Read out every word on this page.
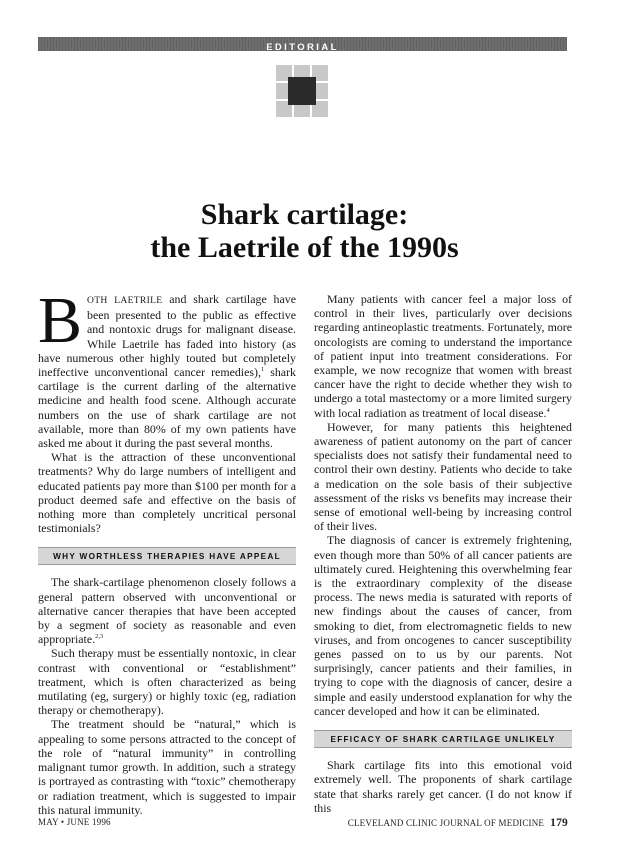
EDITORIAL
Shark cartilage:
the Laetrile of the 1990s

BOTH LAETRILE and shark cartilage have been presented to the public as effective and nontoxic drugs for malignant disease. While Laetrile has faded into history (as have numerous other highly touted but completely ineffective unconventional cancer remedies),$^1$ shark cartilage is the current darling of the alternative medicine and health food scene. Although accurate numbers on the use of shark cartilage are not available, more than 80% of my own patients have asked me about it during the past several months.

What is the attraction of these unconventional treatments? Why do large numbers of intelligent and educated patients pay more than $100 per month for a product deemed safe and effective on the basis of nothing more than completely uncritical personal testimonials?

WHY WORTHLESS THERAPIES HAVE APPEAL

The shark-cartilage phenomenon closely follows a general pattern observed with unconventional or alternative cancer therapies that have been accepted by a segment of society as reasonable and even appropriate.$^{2,3}$

Such therapy must be essentially nontoxic, in clear contrast with conventional or “establishment” treatment, which is often characterized as being mutilating (eg, surgery) or highly toxic (eg, radiation therapy or chemotherapy).

The treatment should be “natural,” which is appealing to some persons attracted to the concept of the role of “natural immunity” in controlling malignant tumor growth. In addition, such a strategy is portrayed as contrasting with “toxic” chemotherapy or radiation treatment, which is suggested to impair this natural immunity.

Many patients with cancer feel a major loss of control in their lives, particularly over decisions regarding antineoplastic treatments. Fortunately, more oncologists are coming to understand the importance of patient input into treatment considerations. For example, we now recognize that women with breast cancer have the right to decide whether they wish to undergo a total mastectomy or a more limited surgery with local radiation as treatment of local disease.$^4$

However, for many patients this heightened awareness of patient autonomy on the part of cancer specialists does not satisfy their fundamental need to control their own destiny. Patients who decide to take a medication on the sole basis of their subjective assessment of the risks vs benefits may increase their sense of emotional well-being by increasing control of their lives.

The diagnosis of cancer is extremely frightening, even though more than 50% of all cancer patients are ultimately cured. Heightening this overwhelming fear is the extraordinary complexity of the disease process. The news media is saturated with reports of new findings about the causes of cancer, from smoking to diet, from electromagnetic fields to new viruses, and from oncogenes to cancer susceptibility genes passed on to us by our parents. Not surprisingly, cancer patients and their families, in trying to cope with the diagnosis of cancer, desire a simple and easily understood explanation for why the cancer developed and how it can be eliminated.

EFFICACY OF SHARK CARTILAGE UNLIKELY

Shark cartilage fits into this emotional void extremely well. The proponents of shark cartilage state that sharks rarely get cancer. (I do not know if this

MAY • JUNE 1996	CLEVELAND CLINIC JOURNAL OF MEDICINE 179
